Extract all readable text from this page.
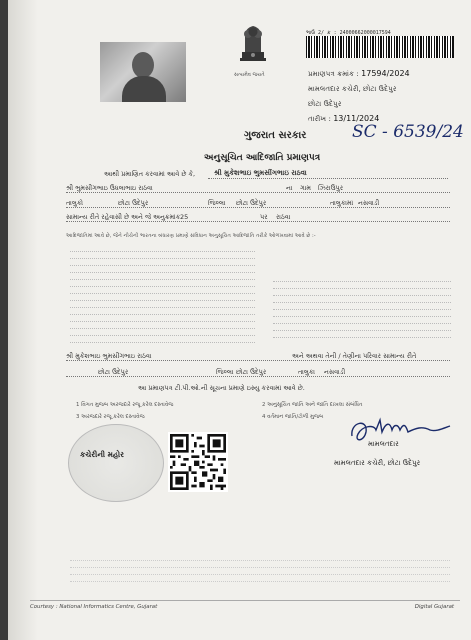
સત્યમેવ જયતે
ભાઉ 2/ ક્ર : 24000662000017594
પ્રમાણપત્ર ક્રમાંક : 17594/2024
મામલતદાર કચેરી, છોટા ઉદેપુર
છોટા ઉદેપુર
તારીખ : 13/11/2024
SC - 6539/24
ગુજરાત સરકાર
અનુસૂચિત આદિજાતિ પ્રમાણપત્ર
આથી પ્રમાણિત કરવામાં આવે છે કે,	શ્રી મુકેશભાઇ ભુમસીંગભાઇ રાઠવા
શ્રી ભુમસીંગભાઇ ઉધલાભાઇ રાઠવા	ના ગામ ઝિરાઉપુર
તાલુકો	છોટા ઉદેપુર	જિલ્લા છોટા ઉદેપુર	તાલુકામાં નસવાડી
સામાન્ય રીતે રહેવાસી છે અને જે અનુક્રમાંક 25	પર રાઠવા
આદિજાતિમાં આવે છે, જેને નીચેની ભારતના બંધારણ પ્રમાણે સંવિધાન અનુસૂચિત આદિજાતિ તરીકે ઓળખવામાં આવે છે :-
શ્રી મુકેશભાઇ ભુમસીંગભાઇ રાઠવા	અને અથવા તેની / તેણીના પરિવાર સામાન્ય રીતે
છોટા ઉદેપુર	જિલ્લા છોટા ઉદેપુર	તાલુકા નસવાડી
આ પ્રમાણપત્ર ટી.પી.ઓ.ની સૂચના પ્રમાણે ઇસ્યુ કરવામાં આવે છે.
1 વિગત મુજબ અરજદારે રજૂ કરેલ દસ્તાવેજ	2 અનુસૂચિત જાતિ અને જાતિ દાખલા સંબંધિત
3 અરજદારે રજૂ કરેલ દસ્તાવેજ	4 વર્તમાન જાતિ/ટોળી મુજબ
કચેરીની મહોર
મામલતદાર
મામલતદાર કચેરી, છોટા ઉદેપુર
Courtesy : National Informatics Centre, Gujarat	Digital Gujarat
